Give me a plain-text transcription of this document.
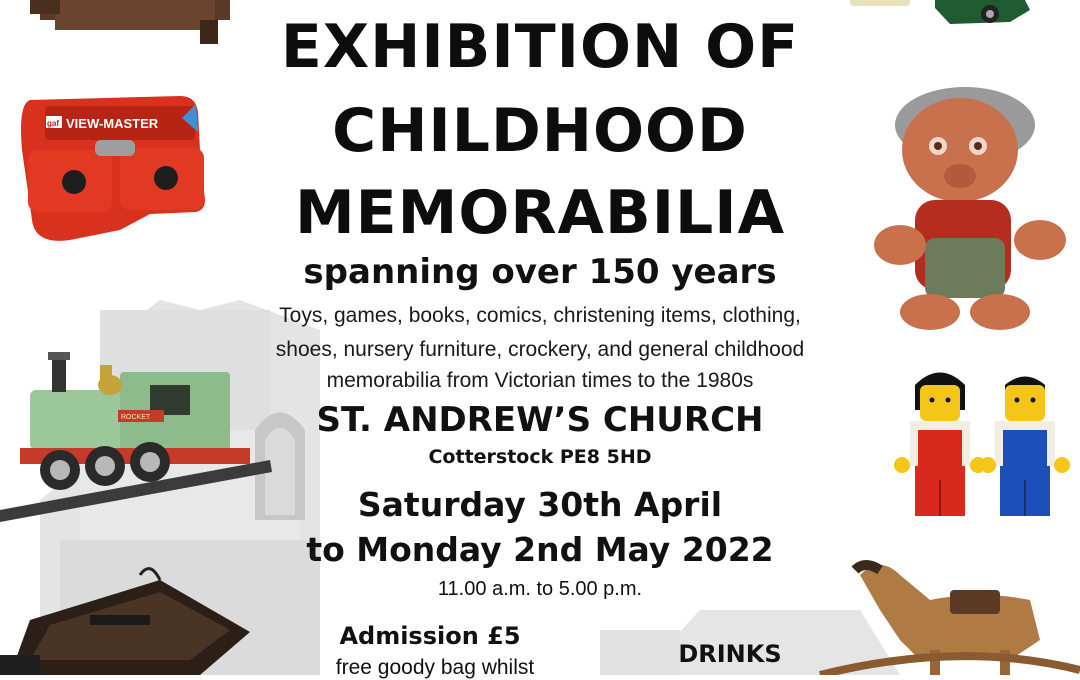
gaf VIEW-MASTER
ROCKET
EXHIBITION OF
CHILDHOOD
MEMORABILIA
spanning over 150 years
Toys, games, books, comics, christening items, clothing,
shoes, nursery furniture, crockery, and general childhood
memorabilia from Victorian times to the 1980s
ST. ANDREW’S CHURCH
Cotterstock PE8 5HD
Saturday 30th April
to Monday 2nd May 2022
11.00 a.m. to 5.00 p.m.
Admission £5
free goody bag whilst	DRINKS
